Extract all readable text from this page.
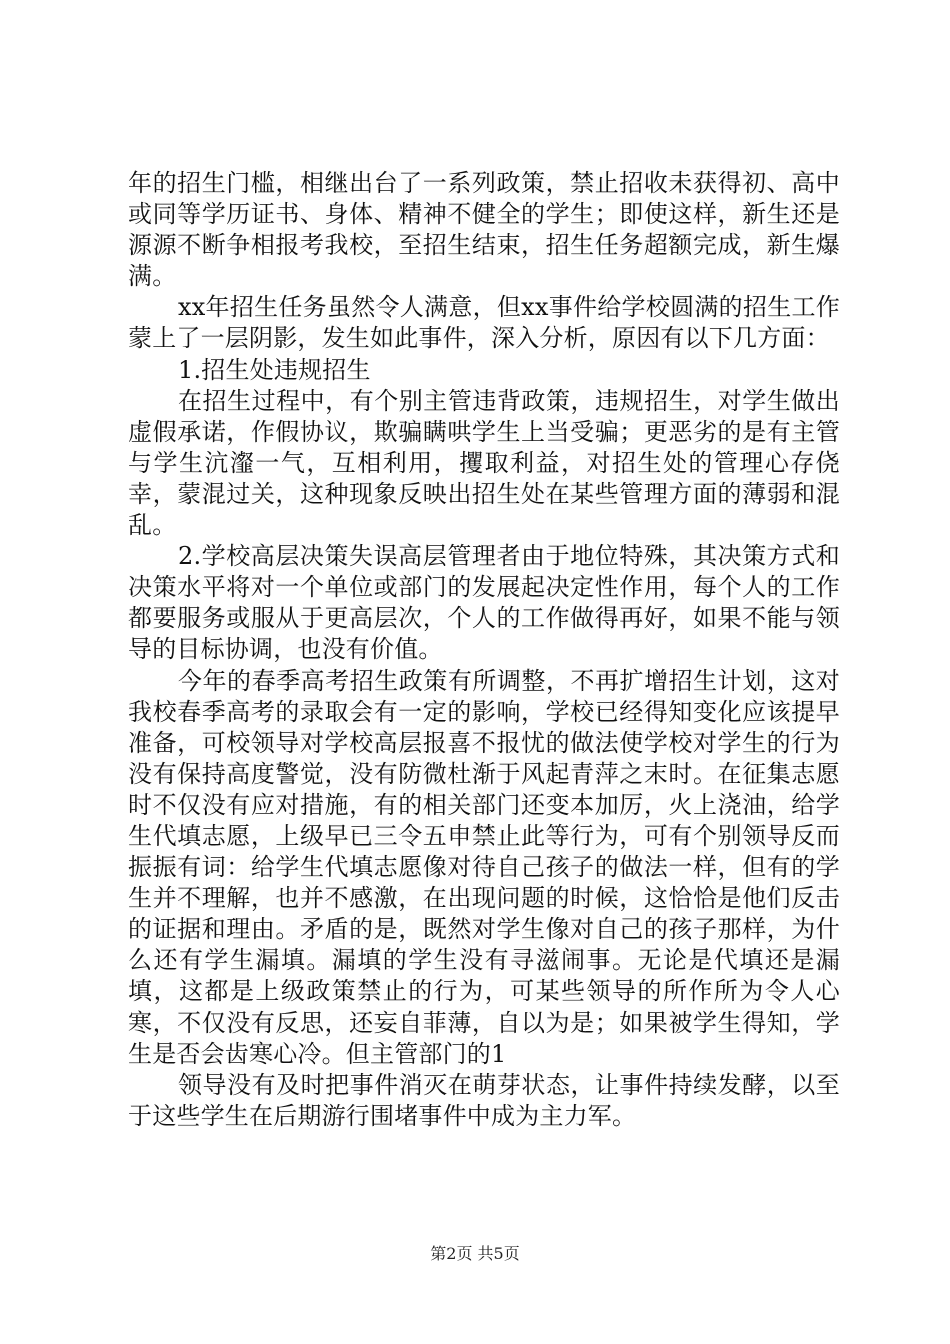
年的招生门槛，相继出台了一系列政策，禁止招收未获得初、高中或同等学历证书、身体、精神不健全的学生；即使这样，新生还是源源不断争相报考我校，至招生结束，招生任务超额完成，新生爆满。

xx年招生任务虽然令人满意，但xx事件给学校圆满的招生工作蒙上了一层阴影，发生如此事件，深入分析，原因有以下几方面：

1.招生处违规招生

在招生过程中，有个别主管违背政策，违规招生，对学生做出虚假承诺，作假协议，欺骗瞒哄学生上当受骗；更恶劣的是有主管与学生沆瀣一气，互相利用，攫取利益，对招生处的管理心存侥幸，蒙混过关，这种现象反映出招生处在某些管理方面的薄弱和混乱。

2.学校高层决策失误高层管理者由于地位特殊，其决策方式和决策水平将对一个单位或部门的发展起决定性作用，每个人的工作都要服务或服从于更高层次，个人的工作做得再好，如果不能与领导的目标协调，也没有价值。

今年的春季高考招生政策有所调整，不再扩增招生计划，这对我校春季高考的录取会有一定的影响，学校已经得知变化应该提早准备，可校领导对学校高层报喜不报忧的做法使学校对学生的行为没有保持高度警觉，没有防微杜渐于风起青萍之末时。在征集志愿时不仅没有应对措施，有的相关部门还变本加厉，火上浇油，给学生代填志愿，上级早已三令五申禁止此等行为，可有个别领导反而振振有词：给学生代填志愿像对待自己孩子的做法一样，但有的学生并不理解，也并不感激，在出现问题的时候，这恰恰是他们反击的证据和理由。矛盾的是，既然对学生像对自己的孩子那样，为什么还有学生漏填。漏填的学生没有寻滋闹事。无论是代填还是漏填，这都是上级政策禁止的行为，可某些领导的所作所为令人心寒，不仅没有反思，还妄自菲薄，自以为是；如果被学生得知，学生是否会齿寒心冷。但主管部门的1

领导没有及时把事件消灭在萌芽状态，让事件持续发酵，以至于这些学生在后期游行围堵事件中成为主力军。

第2页 共5页
